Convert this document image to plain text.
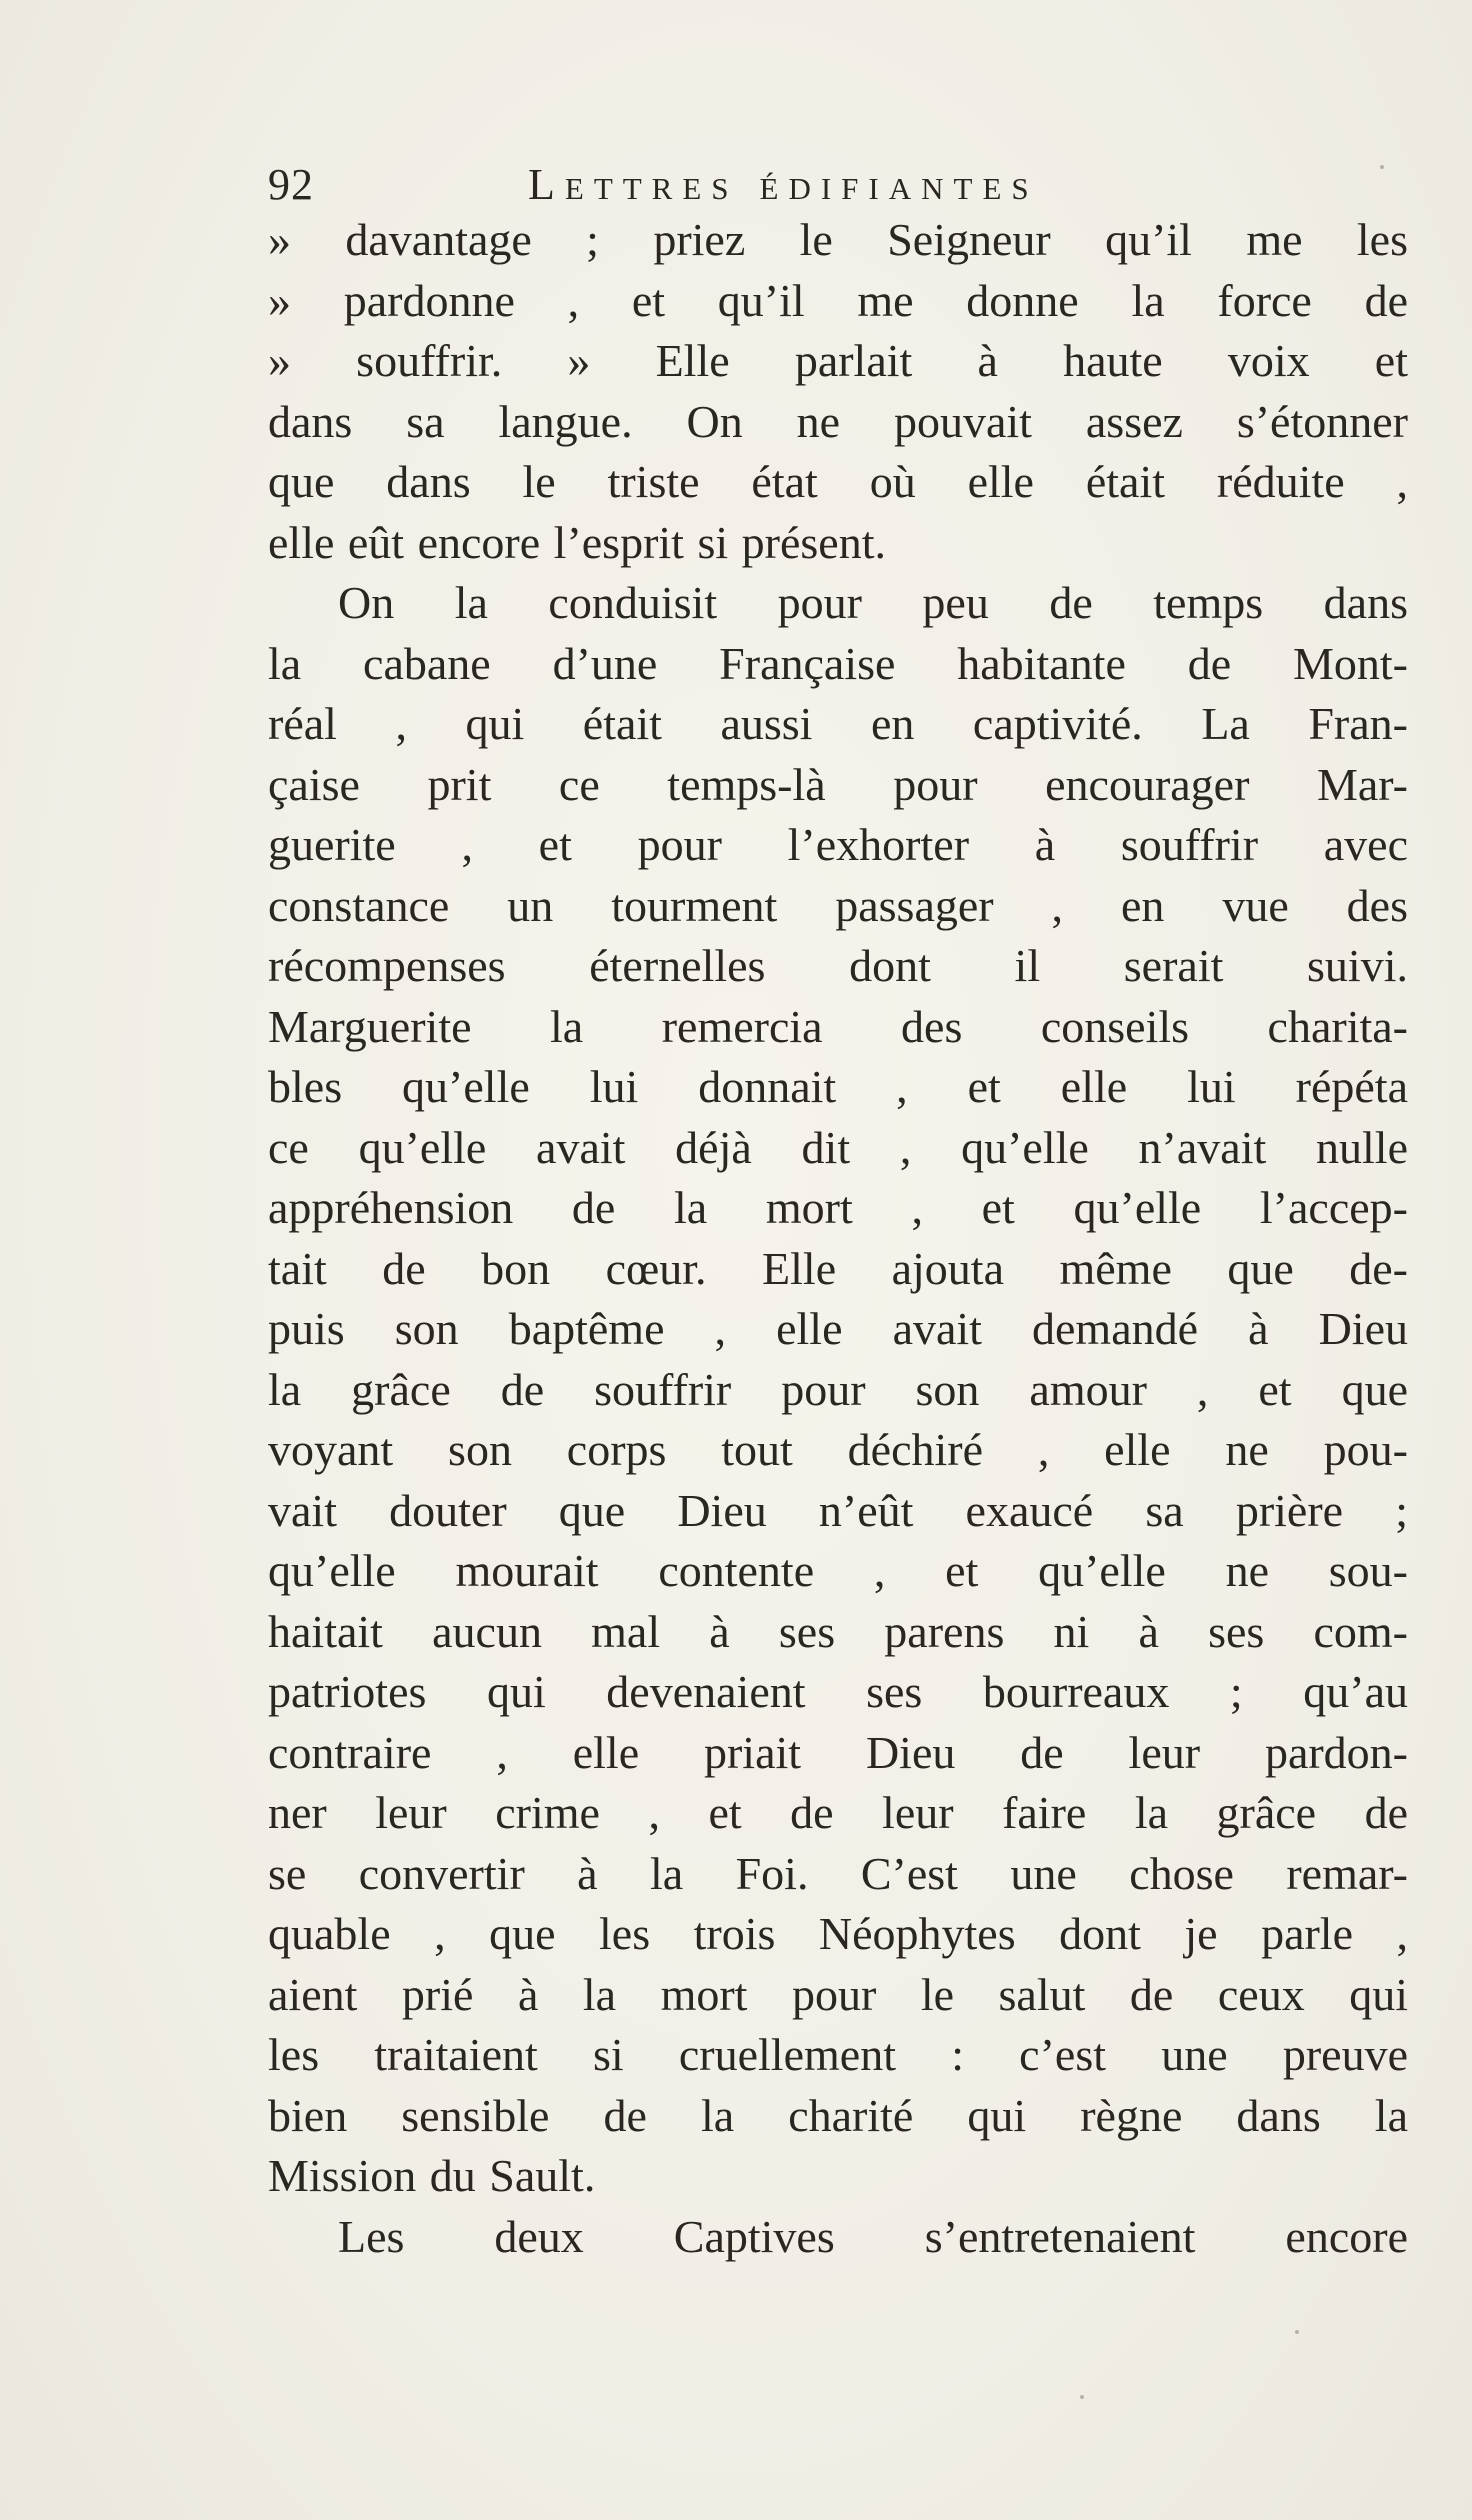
92	Lettres édifiantes
» davantage ; priez le Seigneur qu’il me les
» pardonne , et qu’il me donne la force de
» souffrir. » Elle parlait à haute voix et
dans sa langue. On ne pouvait assez s’étonner
que dans le triste état où elle était réduite ,
elle eût encore l’esprit si présent.
On la conduisit pour peu de temps dans
la cabane d’une Française habitante de Mont-
réal , qui était aussi en captivité. La Fran-
çaise prit ce temps-là pour encourager Mar-
guerite , et pour l’exhorter à souffrir avec
constance un tourment passager , en vue des
récompenses éternelles dont il serait suivi.
Marguerite la remercia des conseils charita-
bles qu’elle lui donnait , et elle lui répéta
ce qu’elle avait déjà dit , qu’elle n’avait nulle
appréhension de la mort , et qu’elle l’accep-
tait de bon cœur. Elle ajouta même que de-
puis son baptême , elle avait demandé à Dieu
la grâce de souffrir pour son amour , et que
voyant son corps tout déchiré , elle ne pou-
vait douter que Dieu n’eût exaucé sa prière ;
qu’elle mourait contente , et qu’elle ne sou-
haitait aucun mal à ses parens ni à ses com-
patriotes qui devenaient ses bourreaux ; qu’au
contraire , elle priait Dieu de leur pardon-
ner leur crime , et de leur faire la grâce de
se convertir à la Foi. C’est une chose remar-
quable , que les trois Néophytes dont je parle ,
aient prié à la mort pour le salut de ceux qui
les traitaient si cruellement : c’est une preuve
bien sensible de la charité qui règne dans la
Mission du Sault.
Les deux Captives s’entretenaient encore
